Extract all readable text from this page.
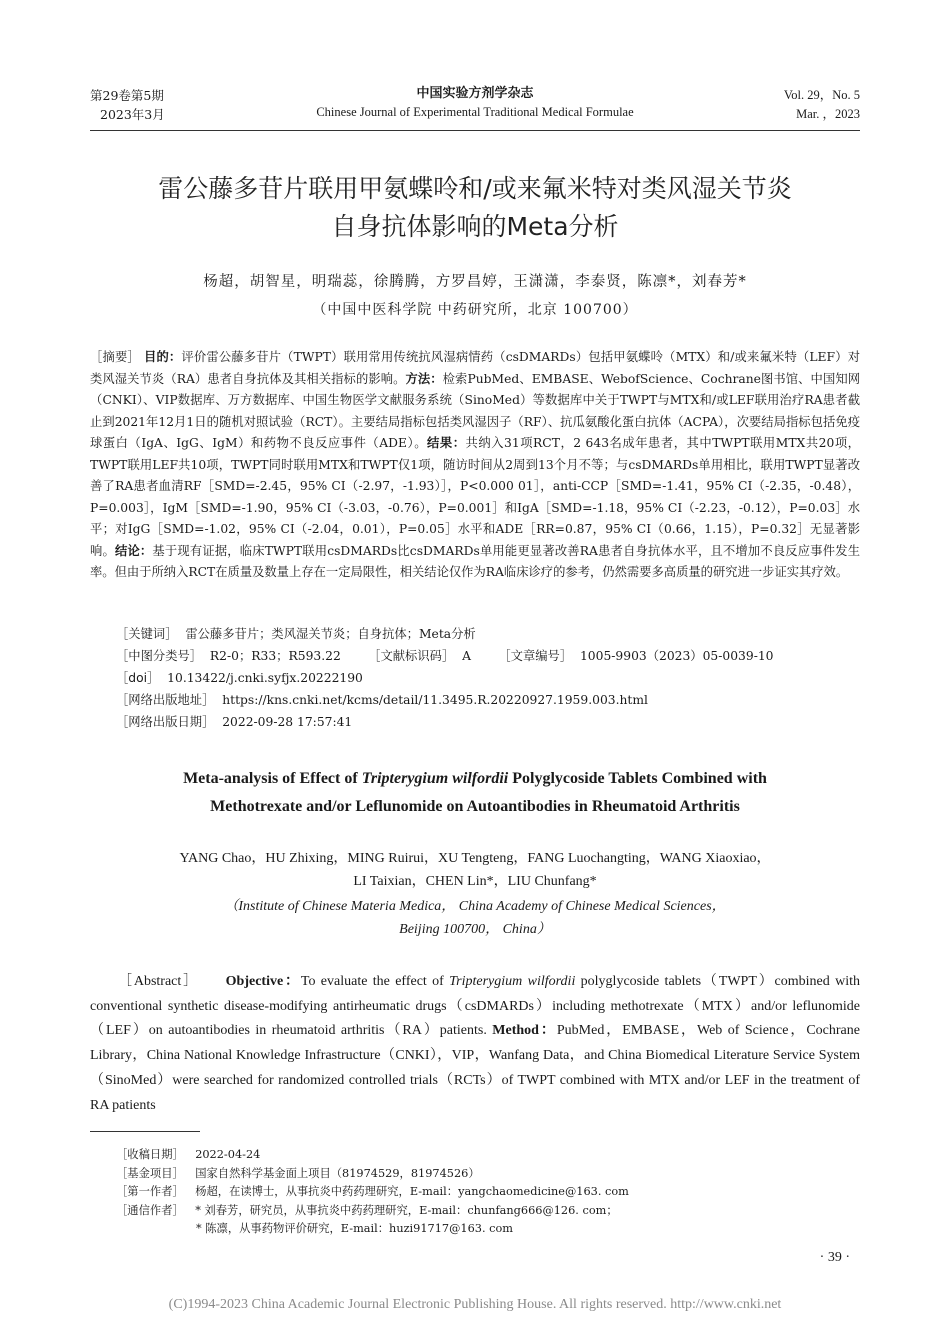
第29卷第5期
2023年3月
中国实验方剂学杂志
Chinese Journal of Experimental Traditional Medical Formulae
Vol. 29，No. 5
Mar. ，2023
雷公藤多苷片联用甲氨蝶呤和/或来氟米特对类风湿关节炎
自身抗体影响的Meta分析
杨超，胡智星，明瑞蕊，徐腾腾，方罗昌婷，王潇潇，李泰贤，陈凛*，刘春芳*
（中国中医科学院 中药研究所，北京 100700）
［摘要］ 目的：评价雷公藤多苷片（TWPT）联用常用传统抗风湿病情药（csDMARDs）包括甲氨蝶呤（MTX）和/或来氟米特（LEF）对类风湿关节炎（RA）患者自身抗体及其相关指标的影响。方法：检索PubMed、EMBASE、WebofScience、Cochrane图书馆、中国知网（CNKI）、VIP数据库、万方数据库、中国生物医学文献服务系统（SinoMed）等数据库中关于TWPT与MTX和/或LEF联用治疗RA患者截止到2021年12月1日的随机对照试验（RCT）。主要结局指标包括类风湿因子（RF）、抗瓜氨酸化蛋白抗体（ACPA），次要结局指标包括免疫球蛋白（IgA、IgG、IgM）和药物不良反应事件（ADE）。结果：共纳入31项RCT，2 643名成年患者，其中TWPT联用MTX共20项，TWPT联用LEF共10项，TWPT同时联用MTX和TWPT仅1项，随访时间从2周到13个月不等；与csDMARDs单用相比，联用TWPT显著改善了RA患者血清RF［SMD=-2.45，95% CI（-2.97，-1.93）］，P<0.000 01］，anti-CCP［SMD=-1.41，95% CI（-2.35，-0.48），P=0.003］，IgM［SMD=-1.90，95% CI（-3.03，-0.76），P=0.001］和IgA［SMD=-1.18，95% CI（-2.23，-0.12），P=0.03］水平；对IgG［SMD=-1.02，95% CI（-2.04，0.01），P=0.05］水平和ADE［RR=0.87，95% CI（0.66，1.15），P=0.32］无显著影响。结论：基于现有证据，临床TWPT联用csDMARDs比csDMARDs单用能更显著改善RA患者自身抗体水平，且不增加不良反应事件发生率。但由于所纳入RCT在质量及数量上存在一定局限性，相关结论仅作为RA临床诊疗的参考，仍然需要多高质量的研究进一步证实其疗效。
［关键词］ 雷公藤多苷片；类风湿关节炎；自身抗体；Meta分析
［中图分类号］ R2-0；R33；R593.22 ［文献标识码］ A ［文章编号］ 1005-9903（2023）05-0039-10
［doi］ 10.13422/j.cnki.syfjx.20222190
［网络出版地址］ https://kns.cnki.net/kcms/detail/11.3495.R.20220927.1959.003.html
［网络出版日期］ 2022-09-28 17:57:41
Meta-analysis of Effect of Tripterygium wilfordii Polyglycoside Tablets Combined with
Methotrexate and/or Leflunomide on Autoantibodies in Rheumatoid Arthritis
YANG Chao，HU Zhixing，MING Ruirui，XU Tengteng，FANG Luochangting，WANG Xiaoxiao，
LI Taixian，CHEN Lin*，LIU Chunfang*
（Institute of Chinese Materia Medica， China Academy of Chinese Medical Sciences，
Beijing 100700， China）
［Abstract］ Objective：To evaluate the effect of Tripterygium wilfordii polyglycoside tablets（TWPT）combined with conventional synthetic disease-modifying antirheumatic drugs（csDMARDs）including methotrexate（MTX）and/or leflunomide（LEF）on autoantibodies in rheumatoid arthritis（RA）patients. Method：PubMed，EMBASE，Web of Science，Cochrane Library，China National Knowledge Infrastructure（CNKI），VIP，Wanfang Data，and China Biomedical Literature Service System（SinoMed）were searched for randomized controlled trials（RCTs）of TWPT combined with MTX and/or LEF in the treatment of RA patients
［收稿日期］ 2022-04-24
［基金项目］ 国家自然科学基金面上项目（81974529，81974526）
［第一作者］ 杨超，在读博士，从事抗炎中药药理研究，E-mail：yangchaomedicine@163. com
［通信作者］ * 刘春芳，研究员，从事抗炎中药药理研究，E-mail：chunfang666@126. com；
* 陈凛，从事药物评价研究，E-mail：huzi91717@163. com
· 39 ·
(C)1994-2023 China Academic Journal Electronic Publishing House. All rights reserved. http://www.cnki.net
